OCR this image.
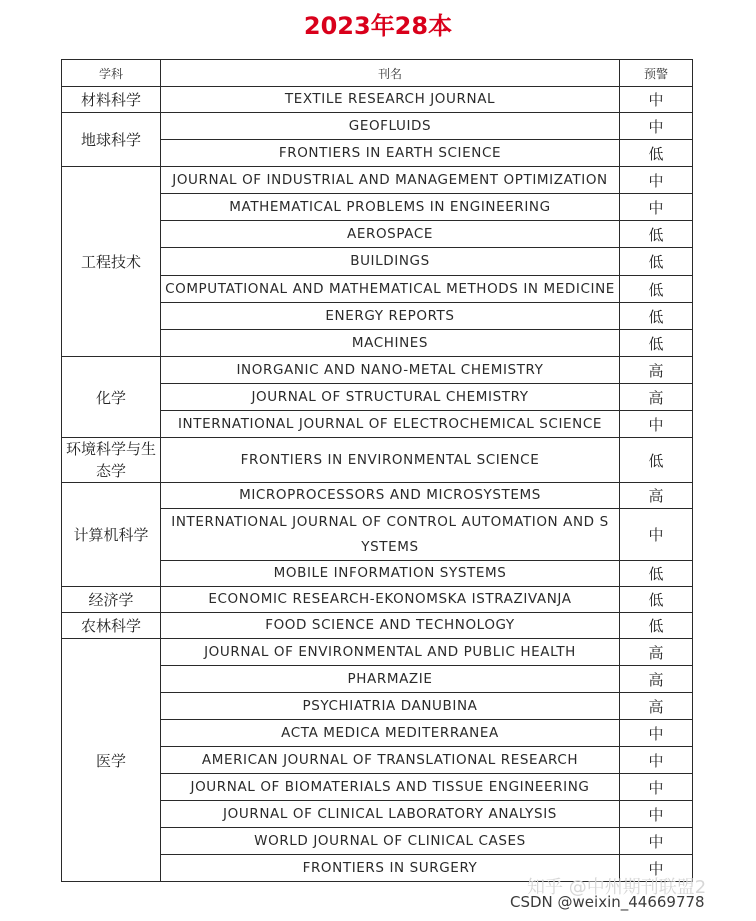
2023年28本
学科	刊名	预警
材料科学	TEXTILE RESEARCH JOURNAL	中
地球科学	GEOFLUIDS	中
	FRONTIERS IN EARTH SCIENCE	低
工程技术	JOURNAL OF INDUSTRIAL AND MANAGEMENT OPTIMIZATION	中
	MATHEMATICAL PROBLEMS IN ENGINEERING	中
	AEROSPACE	低
	BUILDINGS	低
	COMPUTATIONAL AND MATHEMATICAL METHODS IN MEDICINE	低
	ENERGY REPORTS	低
	MACHINES	低
化学	INORGANIC AND NANO-METAL CHEMISTRY	高
	JOURNAL OF STRUCTURAL CHEMISTRY	高
	INTERNATIONAL JOURNAL OF ELECTROCHEMICAL SCIENCE	中
环境科学与生态学	FRONTIERS IN ENVIRONMENTAL SCIENCE	低
计算机科学	MICROPROCESSORS AND MICROSYSTEMS	高
	INTERNATIONAL JOURNAL OF CONTROL AUTOMATION AND SYSTEMS	中
	MOBILE INFORMATION SYSTEMS	低
经济学	ECONOMIC RESEARCH-EKONOMSKA ISTRAZIVANJA	低
农林科学	FOOD SCIENCE AND TECHNOLOGY	低
医学	JOURNAL OF ENVIRONMENTAL AND PUBLIC HEALTH	高
	PHARMAZIE	高
	PSYCHIATRIA DANUBINA	高
	ACTA MEDICA MEDITERRANEA	中
	AMERICAN JOURNAL OF TRANSLATIONAL RESEARCH	中
	JOURNAL OF BIOMATERIALS AND TISSUE ENGINEERING	中
	JOURNAL OF CLINICAL LABORATORY ANALYSIS	中
	WORLD JOURNAL OF CLINICAL CASES	中
	FRONTIERS IN SURGERY	中
知乎 @中州期刊联盟2
CSDN @weixin_44669778
